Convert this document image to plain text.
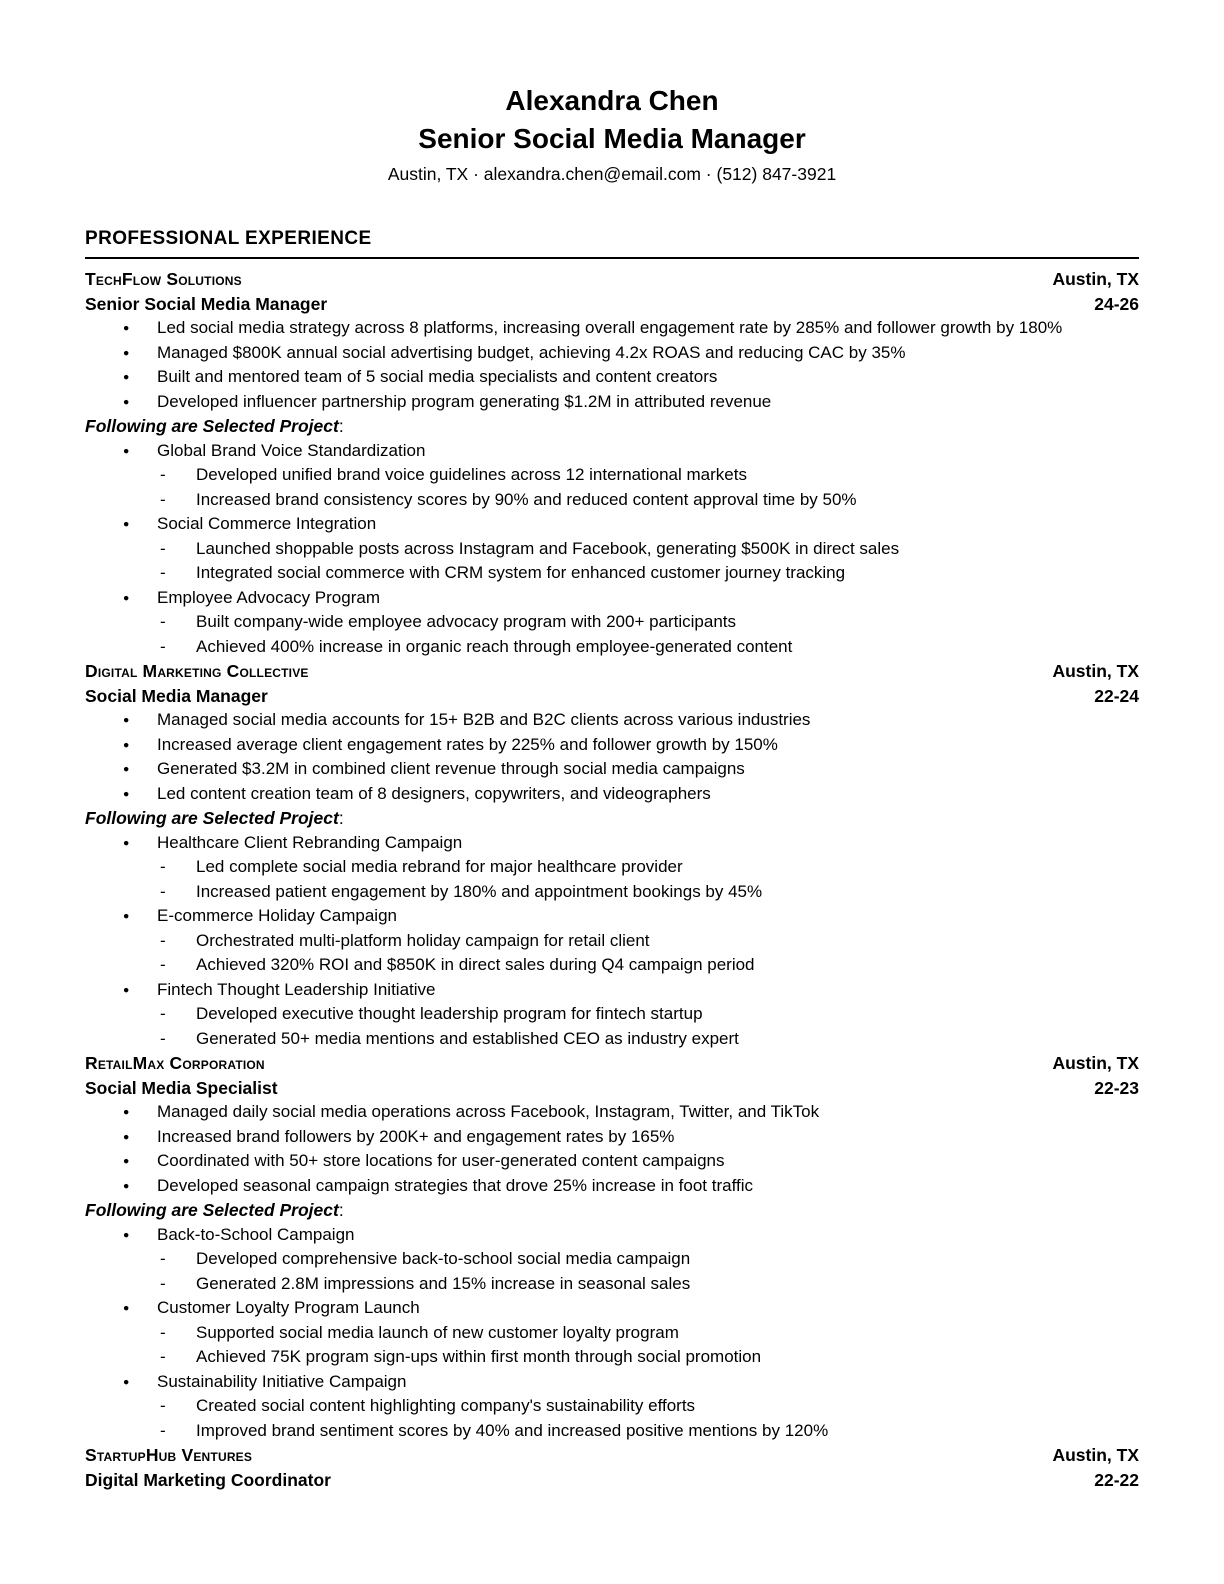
Alexandra Chen
Senior Social Media Manager
Austin, TX · alexandra.chen@email.com · (512) 847-3921
PROFESSIONAL EXPERIENCE
TechFlow Solutions	Austin, TX
Senior Social Media Manager	24-26
●	Led social media strategy across 8 platforms, increasing overall engagement rate by 285% and follower growth by 180%
●	Managed $800K annual social advertising budget, achieving 4.2x ROAS and reducing CAC by 35%
●	Built and mentored team of 5 social media specialists and content creators
●	Developed influencer partnership program generating $1.2M in attributed revenue
Following are Selected Project:
●	Global Brand Voice Standardization
-	Developed unified brand voice guidelines across 12 international markets
-	Increased brand consistency scores by 90% and reduced content approval time by 50%
●	Social Commerce Integration
-	Launched shoppable posts across Instagram and Facebook, generating $500K in direct sales
-	Integrated social commerce with CRM system for enhanced customer journey tracking
●	Employee Advocacy Program
-	Built company-wide employee advocacy program with 200+ participants
-	Achieved 400% increase in organic reach through employee-generated content
Digital Marketing Collective	Austin, TX
Social Media Manager	22-24
●	Managed social media accounts for 15+ B2B and B2C clients across various industries
●	Increased average client engagement rates by 225% and follower growth by 150%
●	Generated $3.2M in combined client revenue through social media campaigns
●	Led content creation team of 8 designers, copywriters, and videographers
Following are Selected Project:
●	Healthcare Client Rebranding Campaign
-	Led complete social media rebrand for major healthcare provider
-	Increased patient engagement by 180% and appointment bookings by 45%
●	E-commerce Holiday Campaign
-	Orchestrated multi-platform holiday campaign for retail client
-	Achieved 320% ROI and $850K in direct sales during Q4 campaign period
●	Fintech Thought Leadership Initiative
-	Developed executive thought leadership program for fintech startup
-	Generated 50+ media mentions and established CEO as industry expert
RetailMax Corporation	Austin, TX
Social Media Specialist	22-23
●	Managed daily social media operations across Facebook, Instagram, Twitter, and TikTok
●	Increased brand followers by 200K+ and engagement rates by 165%
●	Coordinated with 50+ store locations for user-generated content campaigns
●	Developed seasonal campaign strategies that drove 25% increase in foot traffic
Following are Selected Project:
●	Back-to-School Campaign
-	Developed comprehensive back-to-school social media campaign
-	Generated 2.8M impressions and 15% increase in seasonal sales
●	Customer Loyalty Program Launch
-	Supported social media launch of new customer loyalty program
-	Achieved 75K program sign-ups within first month through social promotion
●	Sustainability Initiative Campaign
-	Created social content highlighting company's sustainability efforts
-	Improved brand sentiment scores by 40% and increased positive mentions by 120%
StartupHub Ventures	Austin, TX
Digital Marketing Coordinator	22-22
